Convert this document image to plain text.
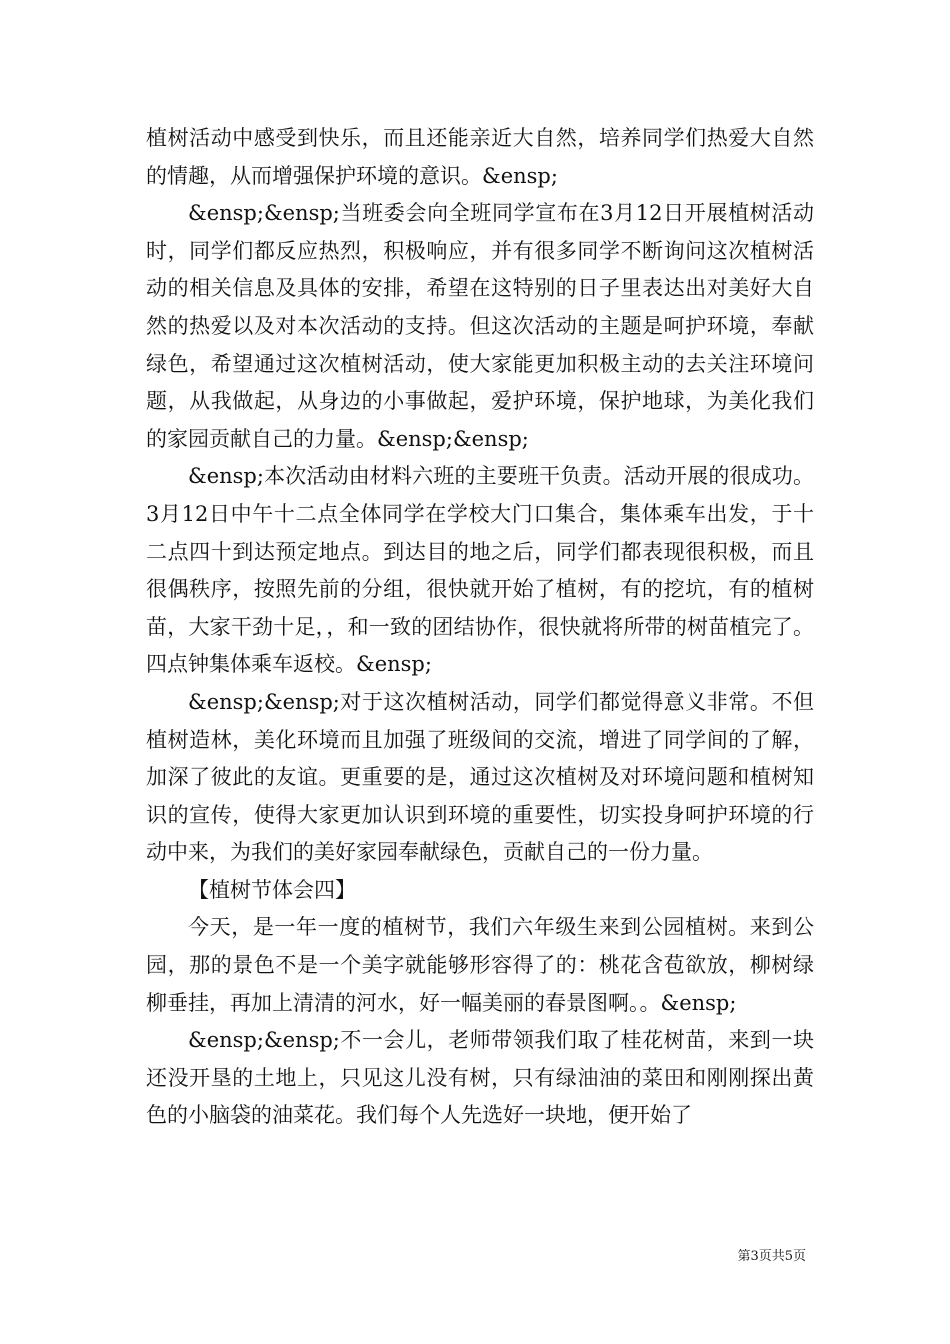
植树活动中感受到快乐，而且还能亲近大自然，培养同学们热爱大自然的情趣，从而增强保护环境的意识。&ensp;

&ensp;&ensp;当班委会向全班同学宣布在3月12日开展植树活动时，同学们都反应热烈，积极响应，并有很多同学不断询问这次植树活动的相关信息及具体的安排，希望在这特别的日子里表达出对美好大自然的热爱以及对本次活动的支持。但这次活动的主题是呵护环境，奉献绿色，希望通过这次植树活动，使大家能更加积极主动的去关注环境问题，从我做起，从身边的小事做起，爱护环境，保护地球，为美化我们的家园贡献自己的力量。&ensp;&ensp;

&ensp;本次活动由材料六班的主要班干负责。活动开展的很成功。3月12日中午十二点全体同学在学校大门口集合，集体乘车出发，于十二点四十到达预定地点。到达目的地之后，同学们都表现很积极，而且很偶秩序，按照先前的分组，很快就开始了植树，有的挖坑，有的植树苗，大家干劲十足，，和一致的团结协作，很快就将所带的树苗植完了。四点钟集体乘车返校。&ensp;

&ensp;&ensp;对于这次植树活动，同学们都觉得意义非常。不但植树造林，美化环境而且加强了班级间的交流，增进了同学间的了解，加深了彼此的友谊。更重要的是，通过这次植树及对环境问题和植树知识的宣传，使得大家更加认识到环境的重要性，切实投身呵护环境的行动中来，为我们的美好家园奉献绿色，贡献自己的一份力量。

【植树节体会四】

今天，是一年一度的植树节，我们六年级生来到公园植树。来到公园，那的景色不是一个美字就能够形容得了的：桃花含苞欲放，柳树绿柳垂挂，再加上清清的河水，好一幅美丽的春景图啊。。&ensp;

&ensp;&ensp;不一会儿，老师带领我们取了桂花树苗，来到一块还没开垦的土地上，只见这儿没有树，只有绿油油的菜田和刚刚探出黄色的小脑袋的油菜花。我们每个人先选好一块地，便开始了

第3页共5页
